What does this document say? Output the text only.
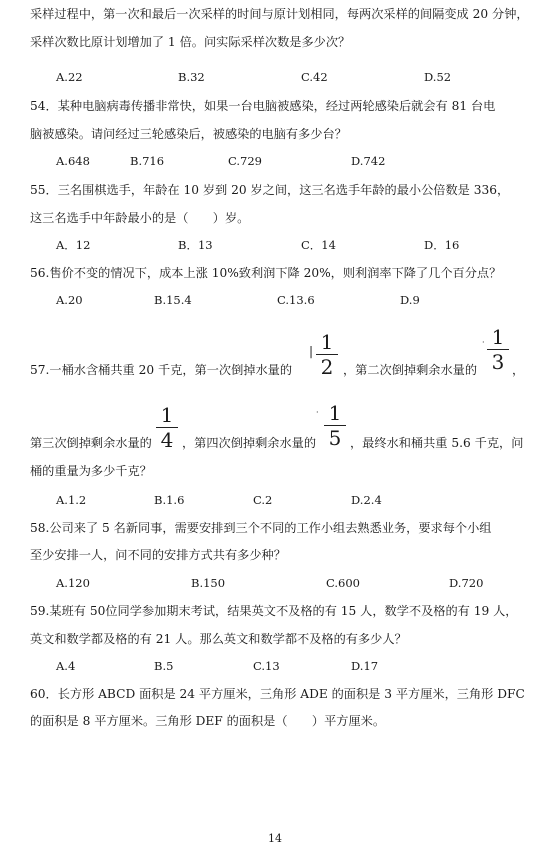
采样过程中，第一次和最后一次采样的时间与原计划相同，每两次采样的间隔变成 20 分钟，
采样次数比原计划增加了 1 倍。问实际采样次数是多少次？
A.22	B.32	C.42	D.52
54．某种电脑病毒传播非常快，如果一台电脑被感染，经过两轮感染后就会有 81 台电
脑被感染。请问经过三轮感染后，被感染的电脑有多少台？
A.648	B.716	C.729	D.742
55．三名围棋选手，年龄在 10 岁到 20 岁之间，这三名选手年龄的最小公倍数是 336，
这三名选手中年龄最小的是（　　）岁。
A．12	B．13	C．14	D．16
56.售价不变的情况下，成本上涨 10%致利润下降 20%，则利润率下降了几个百分点？
A.20	B.15.4	C.13.6	D.9
57.一桶水含桶共重 20 千克，第一次倒掉水量的
| 1
2 ，第二次倒掉剩余水量的
· 1
3 ，
第三次倒掉剩余水量的
1
4 ，第四次倒掉剩余水量的
· 1
5 ，最终水和桶共重 5.6 千克，问
桶的重量为多少千克？
A.1.2	B.1.6	C.2	D.2.4
58.公司来了 5 名新同事，需要安排到三个不同的工作小组去熟悉业务，要求每个小组
至少安排一人，问不同的安排方式共有多少种？
A.120	B.150	C.600	D.720
59.某班有 50位同学参加期末考试，结果英文不及格的有 15 人，数学不及格的有 19 人，
英文和数学都及格的有 21 人。那么英文和数学都不及格的有多少人？
A.4	B.5	C.13	D.17
60．长方形 ABCD 面积是 24 平方厘米，三角形 ADE 的面积是 3 平方厘米，三角形 DFC
的面积是 8 平方厘米。三角形 DEF 的面积是（　　）平方厘米。
14
